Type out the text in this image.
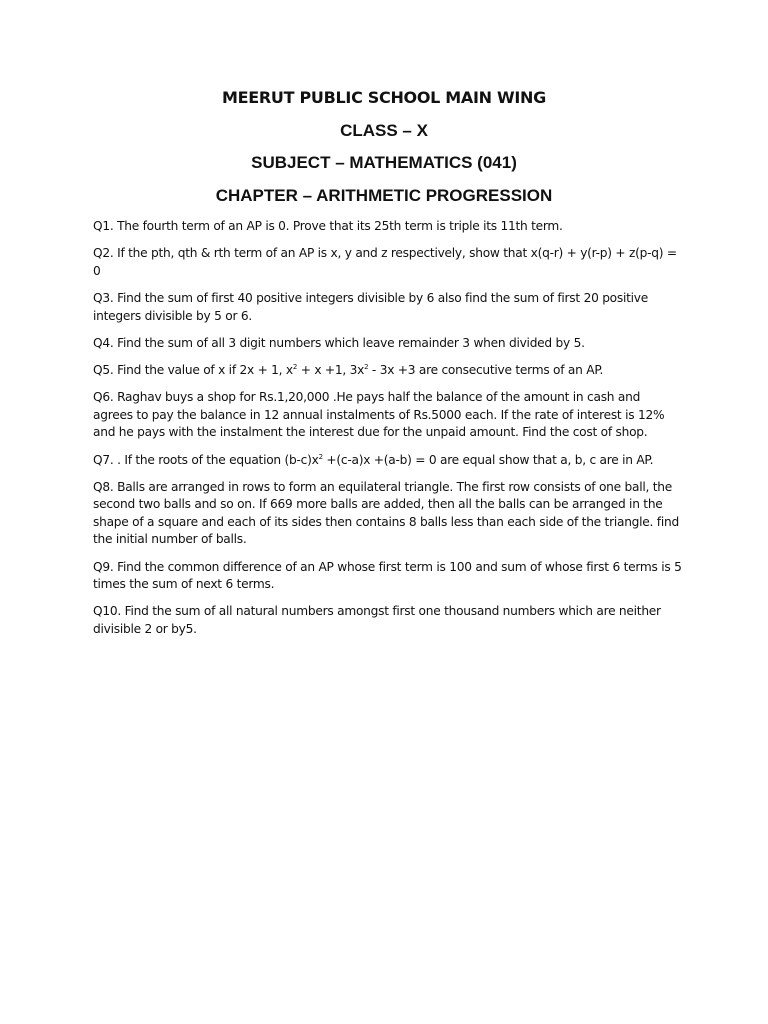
MEERUT PUBLIC SCHOOL MAIN WING
CLASS – X
SUBJECT – MATHEMATICS (041)
CHAPTER – ARITHMETIC PROGRESSION

Q1. The fourth term of an AP is 0. Prove that its 25th term is triple its 11th term.

Q2. If the pth, qth & rth term of an AP is x, y and z respectively, show that x(q-r) + y(r-p) + z(p-q) = 0

Q3. Find the sum of first 40 positive integers divisible by 6 also find the sum of first 20 positive integers divisible by 5 or 6.

Q4. Find the sum of all 3 digit numbers which leave remainder 3 when divided by 5.

Q5. Find the value of x if 2x + 1, $x^2 + x +1$, $3x^2 - 3x +3$ are consecutive terms of an AP.

Q6. Raghav buys a shop for Rs.1,20,000 .He pays half the balance of the amount in cash and agrees to pay the balance in 12 annual instalments of Rs.5000 each. If the rate of interest is 12% and he pays with the instalment the interest due for the unpaid amount. Find the cost of shop.

Q7. . If the roots of the equation $(b-c)x^2 +(c-a)x +(a-b) = 0$ are equal show that a, b, c are in AP.

Q8. Balls are arranged in rows to form an equilateral triangle. The first row consists of one ball, the second two balls and so on. If 669 more balls are added, then all the balls can be arranged in the shape of a square and each of its sides then contains 8 balls less than each side of the triangle. find the initial number of balls.

Q9. Find the common difference of an AP whose first term is 100 and sum of whose first 6 terms is 5 times the sum of next 6 terms.

Q10. Find the sum of all natural numbers amongst first one thousand numbers which are neither divisible 2 or by5.
